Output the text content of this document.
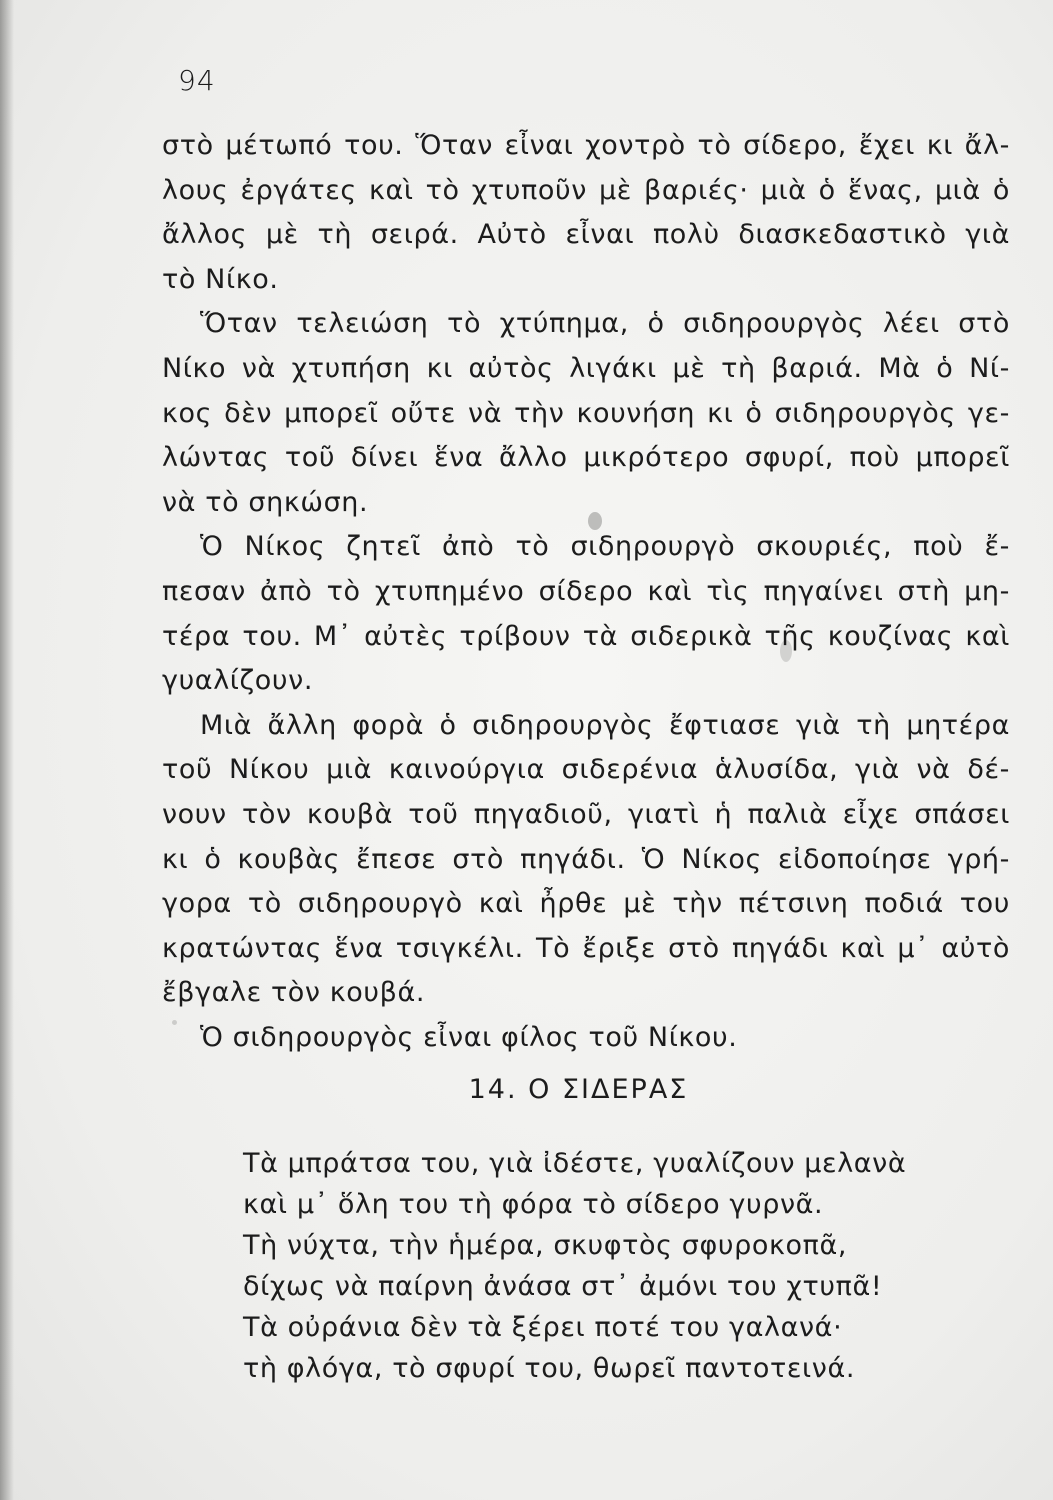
94
στὸ μέτωπό του. Ὅταν εἶναι χοντρὸ τὸ σίδερο, ἔχει κι ἄλ-
λους ἐργάτες καὶ τὸ χτυποῦν μὲ βαριές· μιὰ ὁ ἕνας, μιὰ ὁ
ἄλλος μὲ τὴ σειρά. Αὐτὸ εἶναι πολὺ διασκεδαστικὸ γιὰ
τὸ Νίκο.
Ὅταν τελειώση τὸ χτύπημα, ὁ σιδηρουργὸς λέει στὸ
Νίκο νὰ χτυπήση κι αὐτὸς λιγάκι μὲ τὴ βαριά. Μὰ ὁ Νί-
κος δὲν μπορεῖ οὔτε νὰ τὴν κουνήση κι ὁ σιδηρουργὸς γε-
λώντας τοῦ δίνει ἕνα ἄλλο μικρότερο σφυρί, ποὺ μπορεῖ
νὰ τὸ σηκώση.
Ὁ Νίκος ζητεῖ ἀπὸ τὸ σιδηρουργὸ σκουριές, ποὺ ἔ-
πεσαν ἀπὸ τὸ χτυπημένο σίδερο καὶ τὶς πηγαίνει στὴ μη-
τέρα του. Μ᾽ αὐτὲς τρίβουν τὰ σιδερικὰ τῆς κουζίνας καὶ
γυαλίζουν.
Μιὰ ἄλλη φορὰ ὁ σιδηρουργὸς ἔφτιασε γιὰ τὴ μητέρα
τοῦ Νίκου μιὰ καινούργια σιδερένια ἁλυσίδα, γιὰ νὰ δέ-
νουν τὸν κουβὰ τοῦ πηγαδιοῦ, γιατὶ ἡ παλιὰ εἶχε σπάσει
κι ὁ κουβὰς ἔπεσε στὸ πηγάδι. Ὁ Νίκος εἰδοποίησε γρή-
γορα τὸ σιδηρουργὸ καὶ ἦρθε μὲ τὴν πέτσινη ποδιά του
κρατώντας ἕνα τσιγκέλι. Τὸ ἔριξε στὸ πηγάδι καὶ μ᾽ αὐτὸ
ἔβγαλε τὸν κουβά.
Ὁ σιδηρουργὸς εἶναι φίλος τοῦ Νίκου.
14. Ο ΣΙΔΕΡΑΣ
Τὰ μπράτσα του, γιὰ ἰδέστε, γυαλίζουν μελανὰ
καὶ μ᾽ ὅλη του τὴ φόρα τὸ σίδερο γυρνᾶ.
Τὴ νύχτα, τὴν ἡμέρα, σκυφτὸς σφυροκοπᾶ,
δίχως νὰ παίρνη ἀνάσα στ᾽ ἀμόνι του χτυπᾶ!
Τὰ οὐράνια δὲν τὰ ξέρει ποτέ του γαλανά·
τὴ φλόγα, τὸ σφυρί του, θωρεῖ παντοτεινά.
